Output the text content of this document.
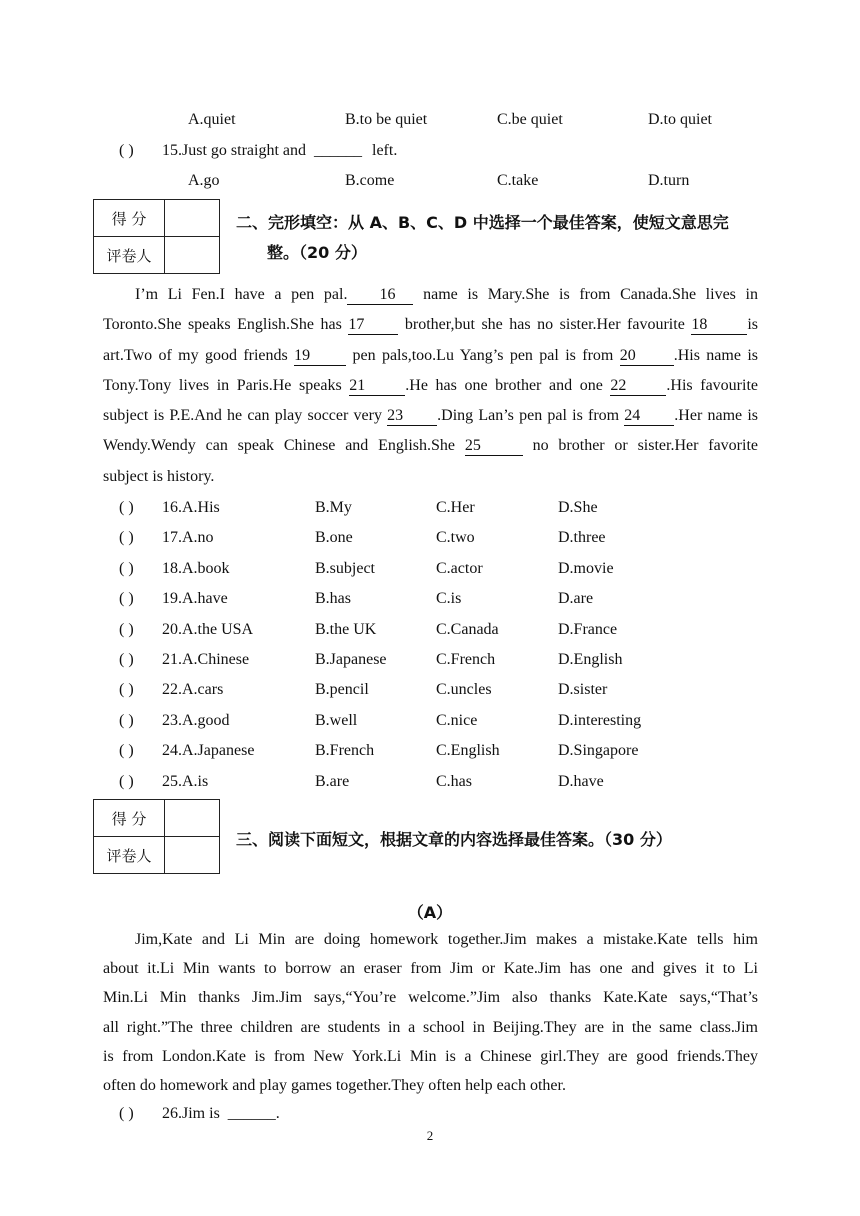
A.quiet	B.to be quiet	C.be quiet	D.to quiet
( ) 15.Just go straight and ______ left.
A.go	B.come	C.take	D.turn
得 分	
评卷人	
二、完形填空：从 A、B、C、D 中选择一个最佳答案，使短文意思完
整。（20 分）
I’m Li Fen.I have a pen pal. 16 name is Mary.She is from Canada.She lives in
Toronto.She speaks English.She has 17 brother,but she has no sister.Her favourite 18	is
art.Two of my good friends 19 pen pals,too.Lu Yang’s pen pal is from 20 .His name is
Tony.Tony lives in Paris.He speaks 21	.He has one brother and one 22	.His favourite
subject is P.E.And he can play soccer very 23 .Ding Lan’s pen pal is from 24 .Her name is
Wendy.Wendy can speak Chinese and English.She 25	no brother or sister.Her favorite
subject is history.
( ) 16.A.His	B.My	C.Her	D.She
( ) 17.A.no	B.one	C.two	D.three
( ) 18.A.book	B.subject	C.actor	D.movie
( ) 19.A.have	B.has	C.is	D.are
( ) 20.A.the USA	B.the UK	C.Canada	D.France
( ) 21.A.Chinese	B.Japanese	C.French	D.English
( ) 22.A.cars	B.pencil	C.uncles	D.sister
( ) 23.A.good	B.well	C.nice	D.interesting
( ) 24.A.Japanese	B.French	C.English	D.Singapore
( ) 25.A.is	B.are	C.has	D.have
得 分	
评卷人	
三、阅读下面短文，根据文章的内容选择最佳答案。（30 分）
（A）
Jim,Kate and Li Min are doing homework together.Jim makes a mistake.Kate tells him
about it.Li Min wants to borrow an eraser from Jim or Kate.Jim has one and gives it to Li
Min.Li Min thanks Jim.Jim says,“You’re welcome.”Jim also thanks Kate.Kate says,“That’s
all right.”The three children are students in a school in Beijing.They are in the same class.Jim
is from London.Kate is from New York.Li Min is a Chinese girl.They are good friends.They
often do homework and play games together.They often help each other.
( ) 26.Jim is ______.
2
